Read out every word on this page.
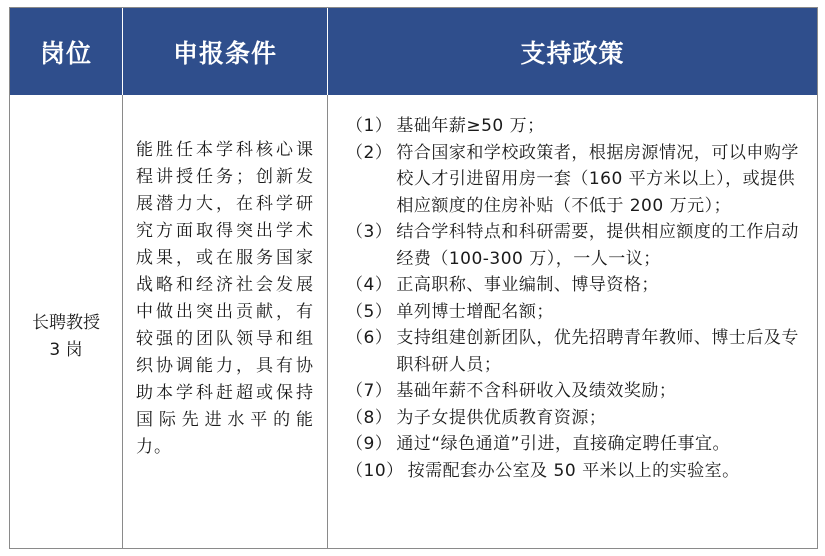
岗位	申报条件	支持政策
长聘教授 3 岗
能胜任本学科核心课程讲授任务；创新发展潜力大，在科学研究方面取得突出学术成果，或在服务国家战略和经济社会发展中做出突出贡献，有较强的团队领导和组织协调能力，具有协助本学科赶超或保持国际先进水平的能力。
（1） 基础年薪≥50 万；
（2） 符合国家和学校政策者，根据房源情况，可以申购学校人才引进留用房一套（160 平方米以上），或提供相应额度的住房补贴（不低于 200 万元）；
（3） 结合学科特点和科研需要，提供相应额度的工作启动经费（100-300 万），一人一议；
（4） 正高职称、事业编制、博导资格；
（5） 单列博士增配名额；
（6） 支持组建创新团队，优先招聘青年教师、博士后及专职科研人员；
（7） 基础年薪不含科研收入及绩效奖励；
（8） 为子女提供优质教育资源；
（9） 通过“绿色通道”引进，直接确定聘任事宜。
（10） 按需配套办公室及 50 平米以上的实验室。
